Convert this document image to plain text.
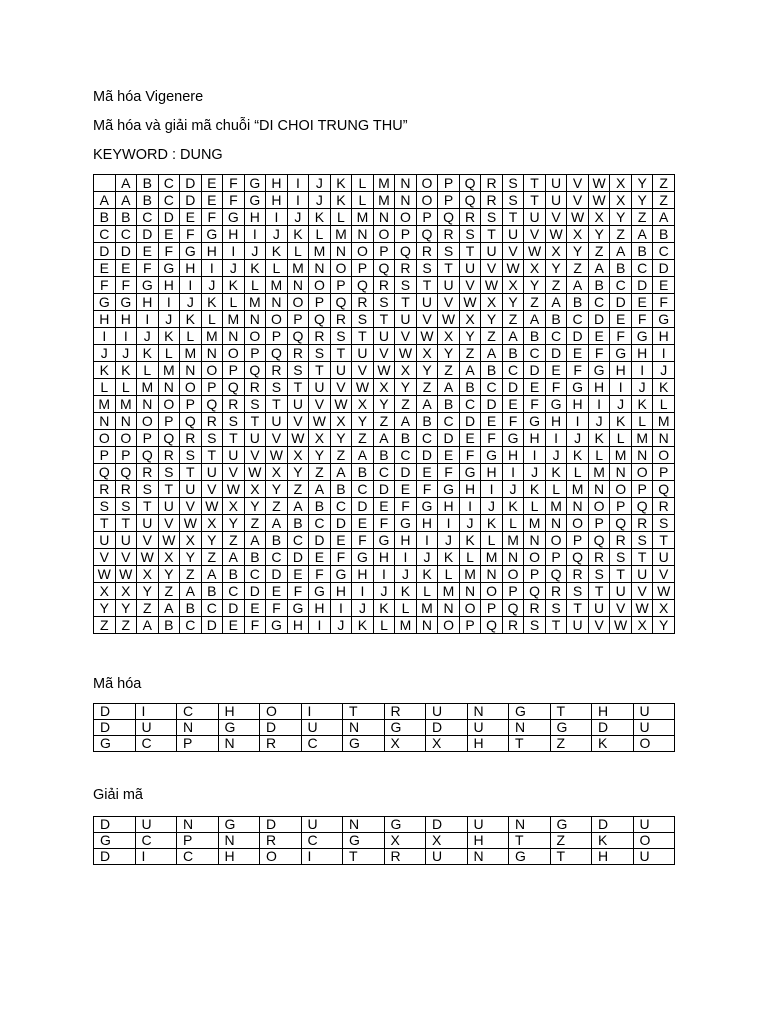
Mã hóa Vigenere
Mã hóa và giải mã chuỗi “DI CHOI TRUNG THU”
KEYWORD : DUNG
	A	B	C	D	E	F	G	H	I	J	K	L	M	N	O	P	Q	R	S	T	U	V	W	X	Y	Z
A	A	B	C	D	E	F	G	H	I	J	K	L	M	N	O	P	Q	R	S	T	U	V	W	X	Y	Z
B	B	C	D	E	F	G	H	I	J	K	L	M	N	O	P	Q	R	S	T	U	V	W	X	Y	Z	A
C	C	D	E	F	G	H	I	J	K	L	M	N	O	P	Q	R	S	T	U	V	W	X	Y	Z	A	B
D	D	E	F	G	H	I	J	K	L	M	N	O	P	Q	R	S	T	U	V	W	X	Y	Z	A	B	C
E	E	F	G	H	I	J	K	L	M	N	O	P	Q	R	S	T	U	V	W	X	Y	Z	A	B	C	D
F	F	G	H	I	J	K	L	M	N	O	P	Q	R	S	T	U	V	W	X	Y	Z	A	B	C	D	E
G	G	H	I	J	K	L	M	N	O	P	Q	R	S	T	U	V	W	X	Y	Z	A	B	C	D	E	F
H	H	I	J	K	L	M	N	O	P	Q	R	S	T	U	V	W	X	Y	Z	A	B	C	D	E	F	G
I	I	J	K	L	M	N	O	P	Q	R	S	T	U	V	W	X	Y	Z	A	B	C	D	E	F	G	H
J	J	K	L	M	N	O	P	Q	R	S	T	U	V	W	X	Y	Z	A	B	C	D	E	F	G	H	I
K	K	L	M	N	O	P	Q	R	S	T	U	V	W	X	Y	Z	A	B	C	D	E	F	G	H	I	J
L	L	M	N	O	P	Q	R	S	T	U	V	W	X	Y	Z	A	B	C	D	E	F	G	H	I	J	K
M	M	N	O	P	Q	R	S	T	U	V	W	X	Y	Z	A	B	C	D	E	F	G	H	I	J	K	L
N	N	O	P	Q	R	S	T	U	V	W	X	Y	Z	A	B	C	D	E	F	G	H	I	J	K	L	M
O	O	P	Q	R	S	T	U	V	W	X	Y	Z	A	B	C	D	E	F	G	H	I	J	K	L	M	N
P	P	Q	R	S	T	U	V	W	X	Y	Z	A	B	C	D	E	F	G	H	I	J	K	L	M	N	O
Q	Q	R	S	T	U	V	W	X	Y	Z	A	B	C	D	E	F	G	H	I	J	K	L	M	N	O	P
R	R	S	T	U	V	W	X	Y	Z	A	B	C	D	E	F	G	H	I	J	K	L	M	N	O	P	Q
S	S	T	U	V	W	X	Y	Z	A	B	C	D	E	F	G	H	I	J	K	L	M	N	O	P	Q	R
T	T	U	V	W	X	Y	Z	A	B	C	D	E	F	G	H	I	J	K	L	M	N	O	P	Q	R	S
U	U	V	W	X	Y	Z	A	B	C	D	E	F	G	H	I	J	K	L	M	N	O	P	Q	R	S	T
V	V	W	X	Y	Z	A	B	C	D	E	F	G	H	I	J	K	L	M	N	O	P	Q	R	S	T	U
W	W	X	Y	Z	A	B	C	D	E	F	G	H	I	J	K	L	M	N	O	P	Q	R	S	T	U	V
X	X	Y	Z	A	B	C	D	E	F	G	H	I	J	K	L	M	N	O	P	Q	R	S	T	U	V	W
Y	Y	Z	A	B	C	D	E	F	G	H	I	J	K	L	M	N	O	P	Q	R	S	T	U	V	W	X
Z	Z	A	B	C	D	E	F	G	H	I	J	K	L	M	N	O	P	Q	R	S	T	U	V	W	X	Y
Mã hóa
D	I	C	H	O	I	T	R	U	N	G	T	H	U
D	U	N	G	D	U	N	G	D	U	N	G	D	U
G	C	P	N	R	C	G	X	X	H	T	Z	K	O
Giải mã
D	U	N	G	D	U	N	G	D	U	N	G	D	U
G	C	P	N	R	C	G	X	X	H	T	Z	K	O
D	I	C	H	O	I	T	R	U	N	G	T	H	U
